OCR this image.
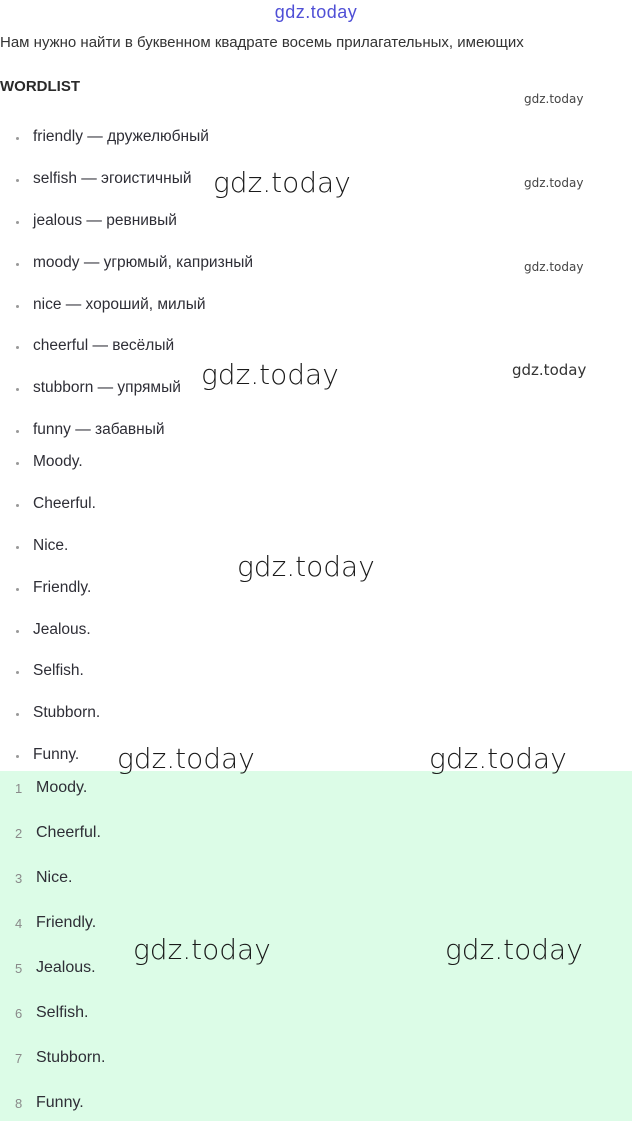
gdz.today
Нам нужно найти в буквенном квадрате восемь прилагательных, имеющих
WORDLIST
friendly — дружелюбный
selfish — эгоистичный
jealous — ревнивый
moody — угрюмый, капризный
nice — хороший, милый
cheerful — весёлый
stubborn — упрямый
funny — забавный
Moody.
Cheerful.
Nice.
Friendly.
Jealous.
Selfish.
Stubborn.
Funny.
1 Moody.
2 Cheerful.
3 Nice.
4 Friendly.
5 Jealous.
6 Selfish.
7 Stubborn.
8 Funny.
gdz.today
gdz.today
gdz.today
gdz.today
gdz.today
gdz.today
gdz.today
gdz.today	gdz.today
gdz.today	gdz.today
